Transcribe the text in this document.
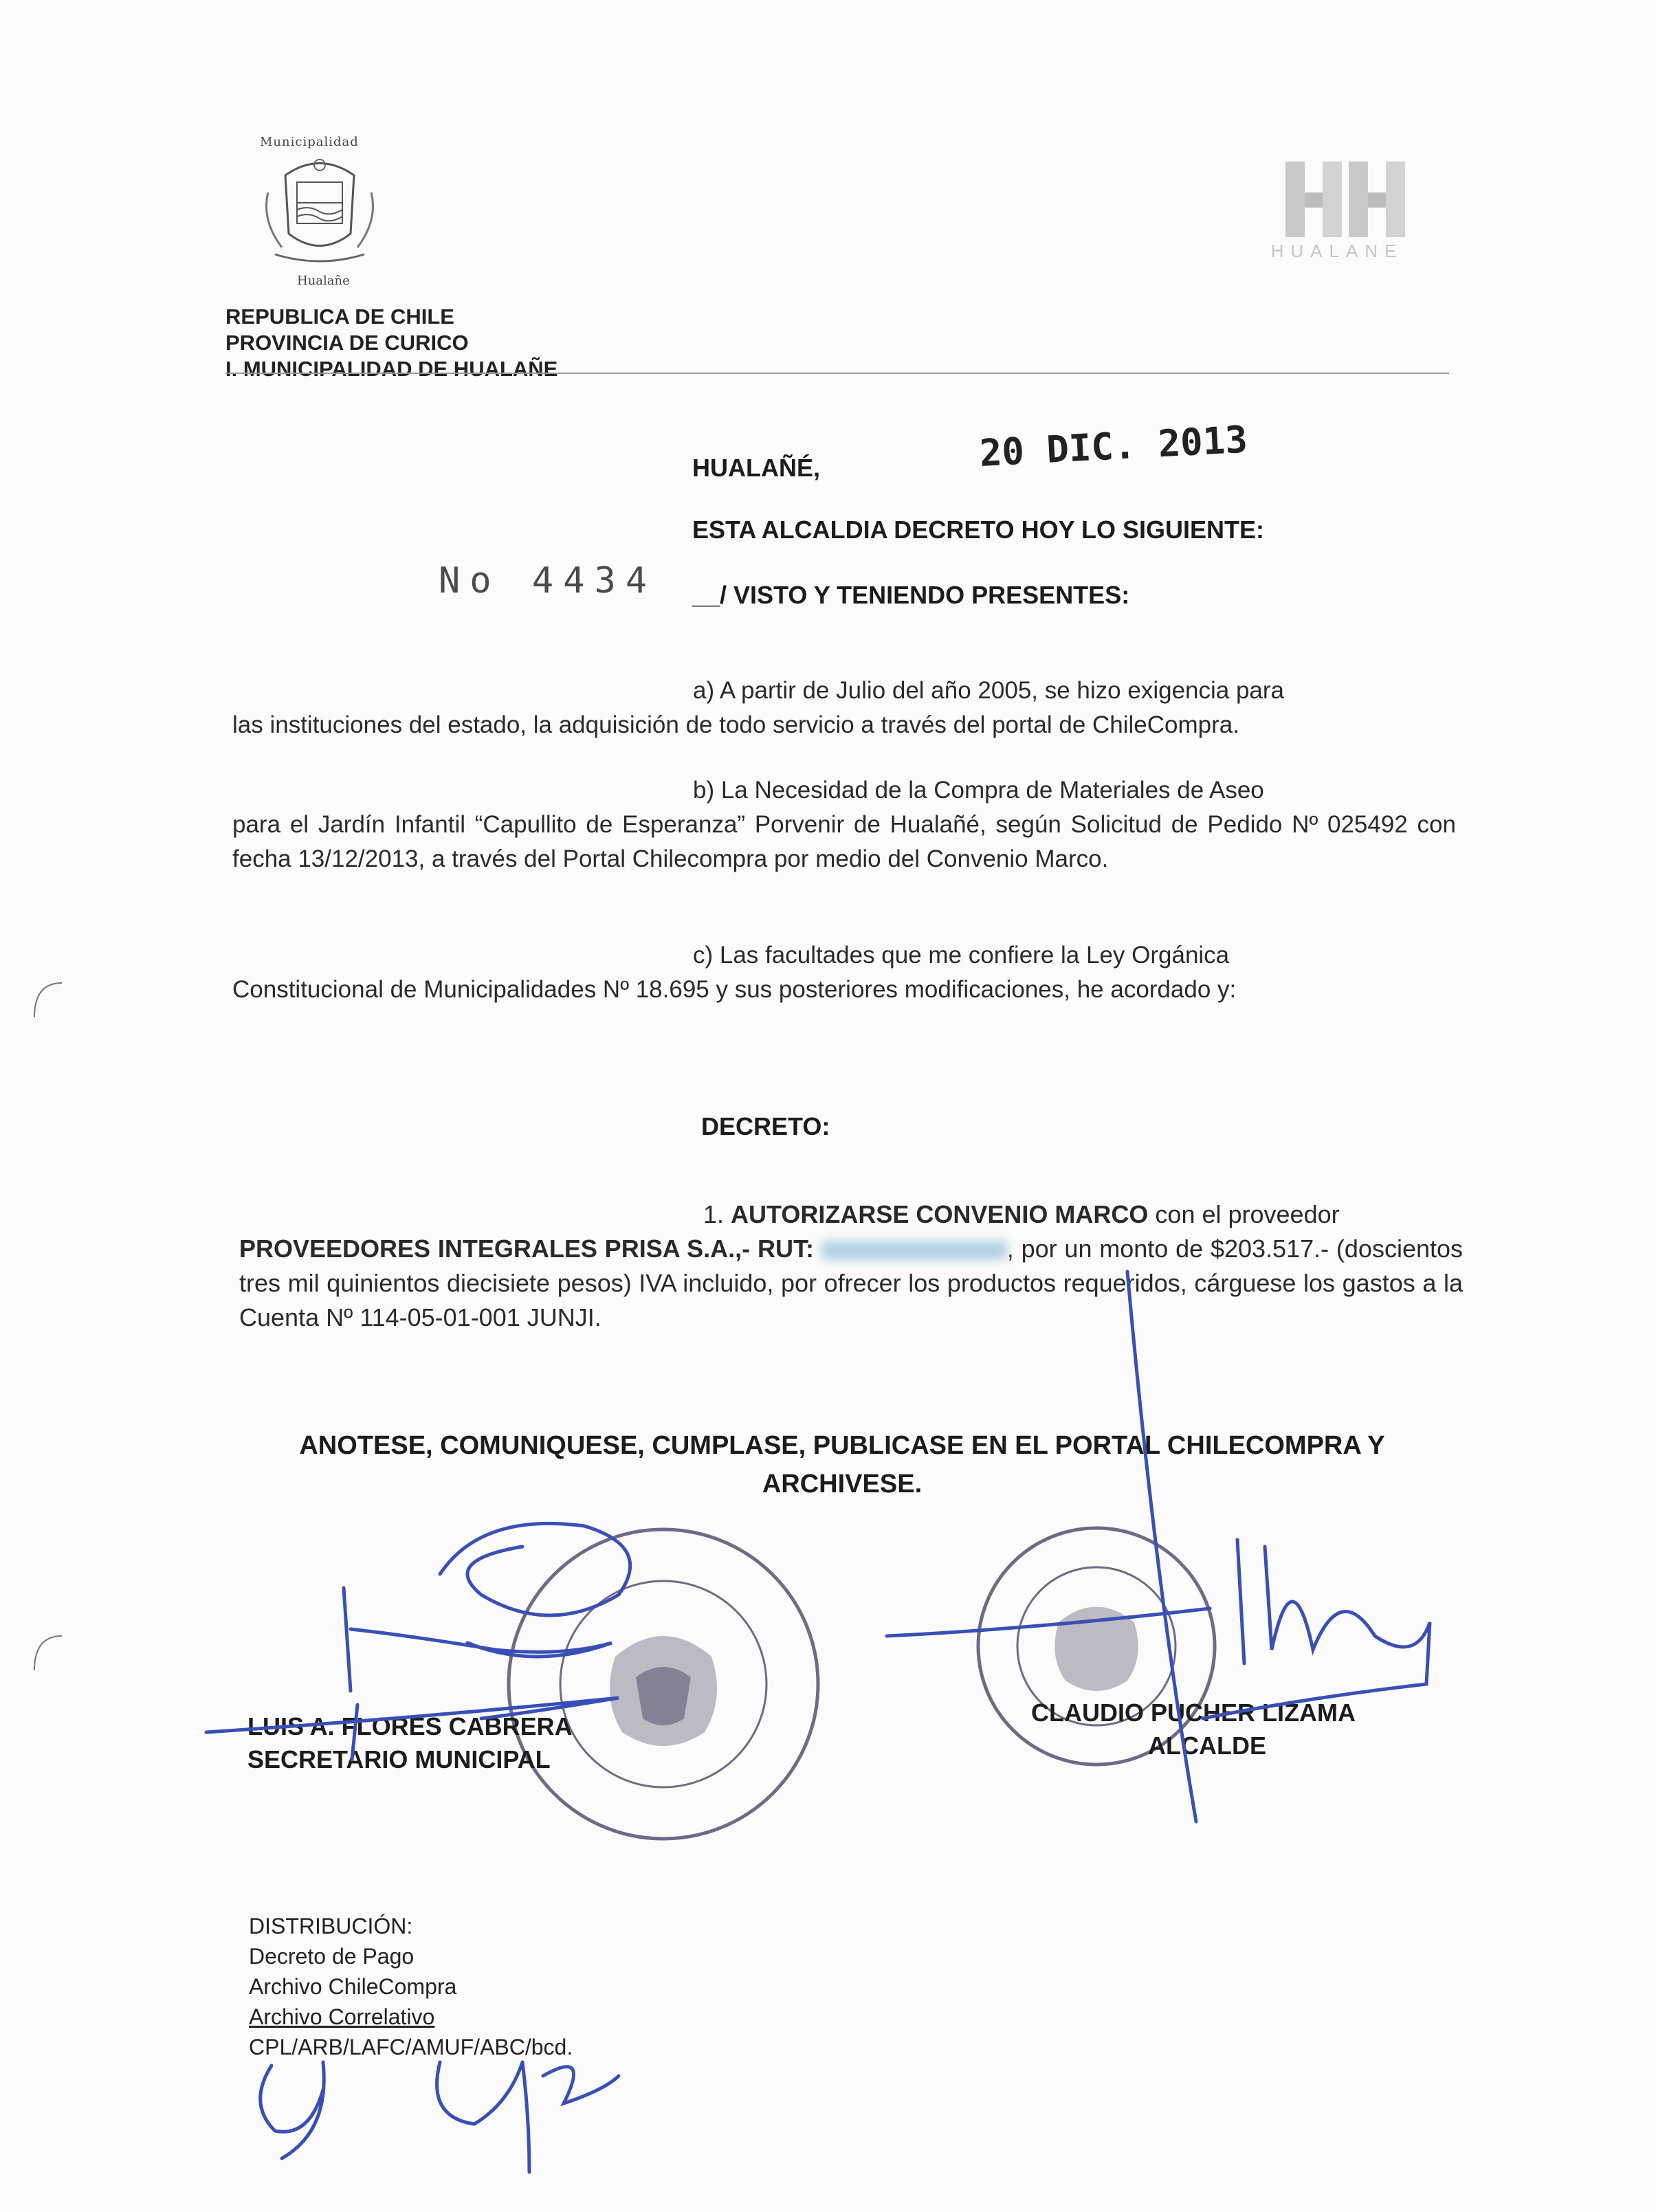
Municipalidad
Hualañe
HUALANE
REPUBLICA DE CHILE
PROVINCIA DE CURICO
I. MUNICIPALIDAD DE HUALAÑE
HUALAÑÉ,	20 DIC. 2013
ESTA ALCALDIA DECRETO HOY LO SIGUIENTE:
No 4434 __/ VISTO Y TENIENDO PRESENTES:
a) A partir de Julio del año 2005, se hizo exigencia para
las instituciones del estado, la adquisición de todo servicio a través del portal de ChileCompra.
b) La Necesidad de la Compra de Materiales de Aseo
para el Jardín Infantil “Capullito de Esperanza” Porvenir de Hualañé, según Solicitud de Pedido Nº 025492 con fecha 13/12/2013, a través del Portal Chilecompra por medio del Convenio Marco.
c) Las facultades que me confiere la Ley Orgánica
Constitucional de Municipalidades Nº 18.695 y sus posteriores modificaciones, he acordado y:
DECRETO:
1. AUTORIZARSE CONVENIO MARCO con el proveedor
PROVEEDORES INTEGRALES PRISA S.A.,- RUT:	, por un monto de $203.517.- (doscientos tres mil quinientos diecisiete pesos) IVA incluido, por ofrecer los productos requeridos, cárguese los gastos a la Cuenta Nº 114-05-01-001 JUNJI.
ANOTESE, COMUNIQUESE, CUMPLASE, PUBLICASE EN EL PORTAL CHILECOMPRA Y ARCHIVESE.
LUIS A. FLORES CABRERA
SECRETARIO MUNICIPAL
CLAUDIO PUCHER LIZAMA
ALCALDE
DISTRIBUCIÓN:
Decreto de Pago
Archivo ChileCompra
Archivo Correlativo
CPL/ARB/LAFC/AMUF/ABC/bcd.
